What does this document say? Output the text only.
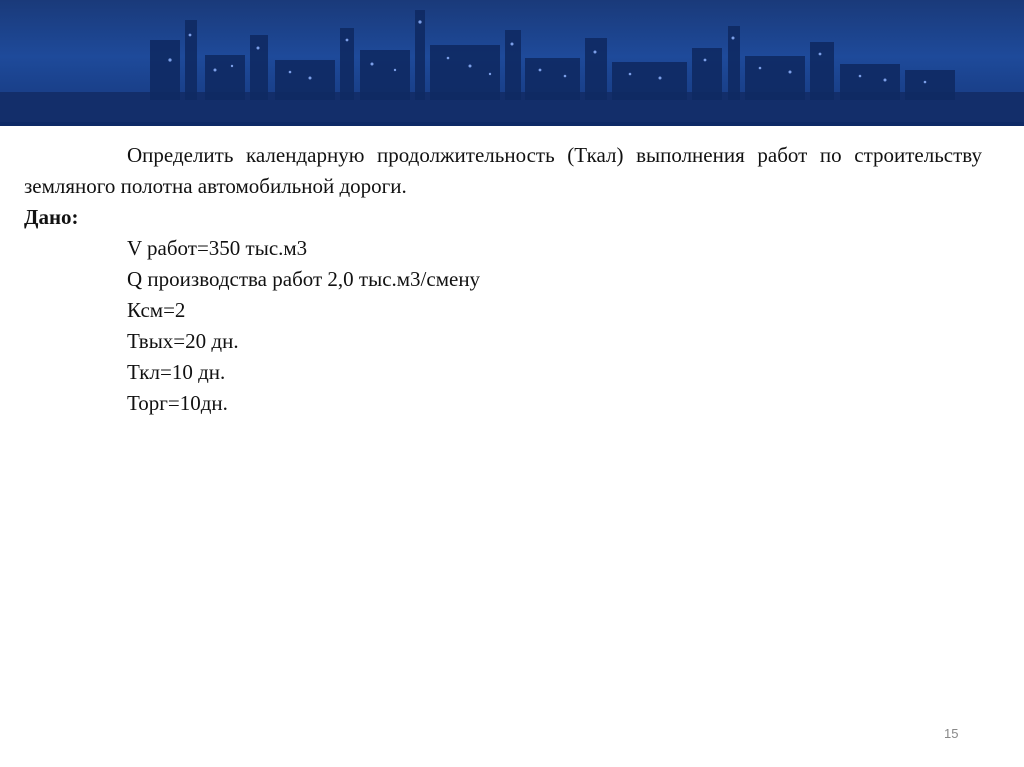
Определить календарную продолжительность (Ткал) выполнения работ по строительству земляного полотна автомобильной дороги.

Дано:

V работ=350 тыс.м3
Q производства работ 2,0 тыс.м3/смену
Ксм=2
Твых=20 дн.
Ткл=10 дн.
Торг=10дн.
15
